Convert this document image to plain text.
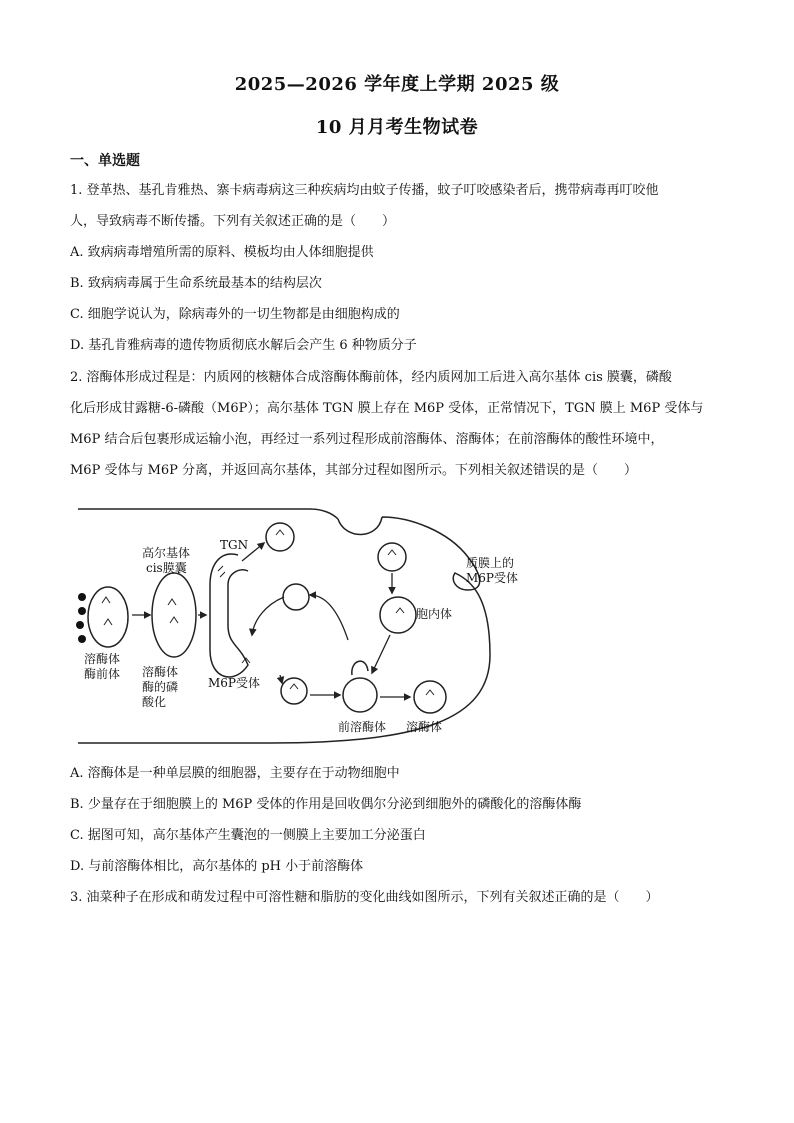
2025—2026 学年度上学期 2025 级
10 月月考生物试卷
一、单选题
1. 登革热、基孔肯雅热、寨卡病毒病这三种疾病均由蚊子传播，蚊子叮咬感染者后，携带病毒再叮咬他
人，导致病毒不断传播。下列有关叙述正确的是（　　）
A. 致病病毒增殖所需的原料、模板均由人体细胞提供
B. 致病病毒属于生命系统最基本的结构层次
C. 细胞学说认为，除病毒外的一切生物都是由细胞构成的
D. 基孔肯雅病毒的遗传物质彻底水解后会产生 6 种物质分子
2. 溶酶体形成过程是：内质网的核糖体合成溶酶体酶前体，经内质网加工后进入高尔基体 cis 膜囊，磷酸
化后形成甘露糖-6-磷酸（M6P）；高尔基体 TGN 膜上存在 M6P 受体，正常情况下，TGN 膜上 M6P 受体与
M6P 结合后包裹形成运输小泡，再经过一系列过程形成前溶酶体、溶酶体；在前溶酶体的酸性环境中，
M6P 受体与 M6P 分离，并返回高尔基体，其部分过程如图所示。下列相关叙述错误的是（　　）
高尔基体
cis膜囊
TGN
质膜上的
M6P受体
溶酶体
酶前体 溶酶体
酶的磷
酸化
M6P受体
胞内体
前溶酶体 溶酶体
A. 溶酶体是一种单层膜的细胞器，主要存在于动物细胞中
B. 少量存在于细胞膜上的 M6P 受体的作用是回收偶尔分泌到细胞外的磷酸化的溶酶体酶
C. 据图可知，高尔基体产生囊泡的一侧膜上主要加工分泌蛋白
D. 与前溶酶体相比，高尔基体的 pH 小于前溶酶体
3. 油菜种子在形成和萌发过程中可溶性糖和脂肪的变化曲线如图所示，下列有关叙述正确的是（　　）
